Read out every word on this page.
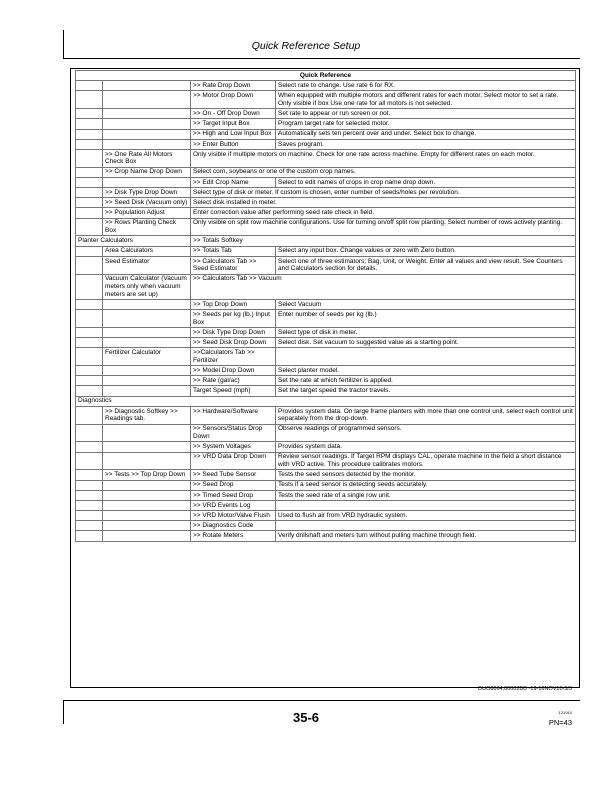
Quick Reference Setup
Quick Reference			
		>> Rate Drop Down	Select rate to change. Use rate 6 for RX.
		>> Motor Drop Down	When equipped with multiple motors and different rates for each motor. Select motor to set a rate. Only visible if box Use one rate for all motors is not selected.
		>> On - Off Drop Down	Set rate to appear or run screen or not.
		>> Target Input Box	Program target rate for selected motor.
		>> High and Low Input Box	Automatically sets ten percent over and under. Select box to change.
		>> Enter Button	Saves program.
	>> One Rate All Motors Check Box	Only visible if multiple motors on machine. Check for one rate across machine. Empty for different rates on each motor.	
	>> Crop Name Drop Down	Select corn, soybeans or one of the custom crop names.	
		>> Edit Crop Name	Select to edit names of crops in crop name drop down.
	>> Disk Type Drop Down	Select type of disk or meter. If custom is chosen, enter number of seeds/holes per revolution.	
	>> Seed Disk (Vacuum only)	Select disk installed in meter.	
	>> Population Adjust	Enter correction value after performing seed rate check in field.	
	>> Rows Planting Check Box	Only visible on split row machine configurations. Use for turning on/off split row planting. Select number of rows actively planting.	
Planter Calculators		>> Totals Softkey	
	Area Calculators	>> Totals Tab	Select any input box. Change values or zero with Zero button.
	Seed Estimator	>> Calculators Tab >> Seed Estimator	Select one of three estimators; Bag, Unit, or Weight. Enter all values and view result. See Counters and Calculators section for details.
	Vacuum Calculator (Vacuum meters only when vacuum meters are set up)	>> Calculators Tab >> Vacuum	
		>> Top Drop Down	Select Vacuum
		>> Seeds per kg (lb.) Input Box	Enter number of seeds per kg (lb.)
		>> Disk Type Drop Down	Select type of disk in meter.
		>> Seed Disk Drop Down	Select disk. Set vacuum to suggested value as a starting point.
	Fertilizer Calculator	>>Calculators Tab >> Fertilizer	
		>> Model Drop Down	Select planter model.
		>> Rate (gal/ac)	Set the rate at which fertilizer is applied.
		Target Speed (mph)	Set the target speed the tractor travels.
Diagnostics			
	>> Diagnostic Softkey >> Readings tab.	>> Hardware/Software	Provides system data. On large frame planters with more than one control unit, select each control unit separately from the drop-down.
		>> Sensors/Status Drop Down	Observe readings of programmed sensors.
		>> System Voltages	Provides system data.
		>> VRD Data Drop Down	Review sensor readings. If Target RPM displays CAL, operate machine in the field a short distance with VRD active. This procedure calibrates motors.
	>> Tests >> Top Drop Down	>> Seed Tube Sensor	Tests the seed sensors detected by the monitor.
		>> Seed Drop	Tests if a seed sensor is detecting seeds accurately.
		>> Timed Seed Drop	Tests the seed rate of a single row unit.
		>> VRD Events Log	
		>> VRD Motor/Valve Flush	Used to flush air from VRD hydraulic system.
		>> Diagnostics Code	
		>> Rotate Meters	Verify drillshaft and meters turn without pulling machine through field.
OUO6064,00002BD -19-16NOV10-3/3
35-6	121910
PN=43
